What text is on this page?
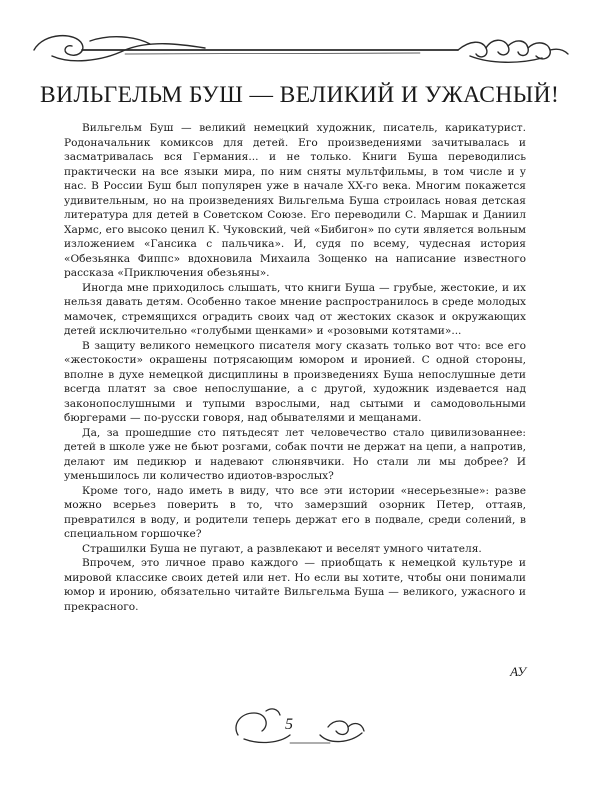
ВИЛЬГЕЛЬМ БУШ — ВЕЛИКИЙ И УЖАСНЫЙ!

Вильгельм Буш — великий немецкий художник, писатель, карикатурист. Родоначальник комиксов для детей. Его произведениями зачитывалась и засматривалась вся Германия... и не только. Книги Буша переводились практически на все языки мира, по ним сняты мультфильмы, в том числе и у нас. В России Буш был популярен уже в начале XX-го века. Многим покажется удивительным, но на произведениях Вильгельма Буша строилась новая детская литература для детей в Советском Союзе. Его переводили С. Маршак и Даниил Хармс, его высоко ценил К. Чуковский, чей «Бибигон» по сути является вольным изложением «Гансика с пальчика». И, судя по всему, чудесная история «Обезьянка Фиппс» вдохновила Михаила Зощенко на написание известного рассказа «Приключения обезьяны».

Иногда мне приходилось слышать, что книги Буша — грубые, жестокие, и их нельзя давать детям. Особенно такое мнение распространилось в среде молодых мамочек, стремящихся оградить своих чад от жестоких сказок и окружающих детей исключительно «голубыми щенками» и «розовыми котятами»...

В защиту великого немецкого писателя могу сказать только вот что: все его «жестокости» окрашены потрясающим юмором и иронией. С одной стороны, вполне в духе немецкой дисциплины в произведениях Буша непослушные дети всегда платят за свое непослушание, а с другой, художник издевается над законопослушными и тупыми взрослыми, над сытыми и самодовольными бюргерами — по-русски говоря, над обывателями и мещанами.

Да, за прошедшие сто пятьдесят лет человечество стало цивилизованнее: детей в школе уже не бьют розгами, собак почти не держат на цепи, а напротив, делают им педикюр и надевают слюнявчики. Но стали ли мы добрее? И уменьшилось ли количество идиотов-взрослых?

Кроме того, надо иметь в виду, что все эти истории «несерьезные»: разве можно всерьез поверить в то, что замерзший озорник Петер, оттаяв, превратился в воду, и родители теперь держат его в подвале, среди солений, в специальном горшочке?

Страшилки Буша не пугают, а развлекают и веселят умного читателя.

Впрочем, это личное право каждого — приобщать к немецкой культуре и мировой классике своих детей или нет. Но если вы хотите, чтобы они понимали юмор и иронию, обязательно читайте Вильгельма Буша — великого, ужасного и прекрасного.

АУ
5
